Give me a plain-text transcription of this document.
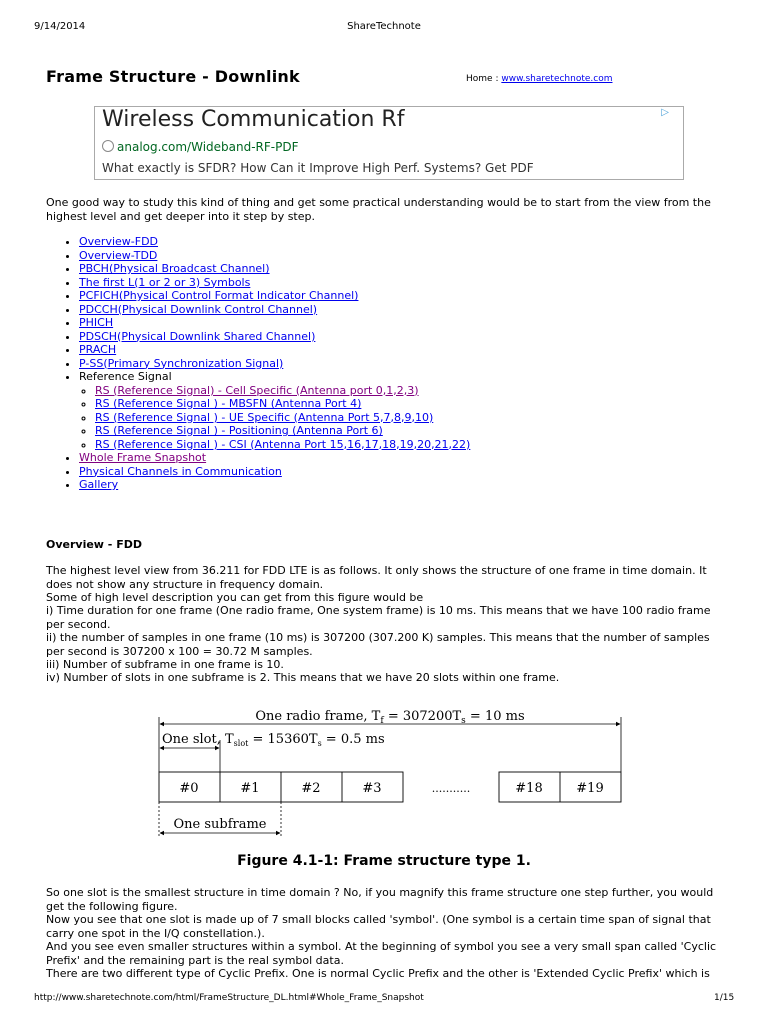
9/14/2014	ShareTechnote
Frame Structure - Downlink	Home : www.sharetechnote.com
Wireless Communication Rf
analog.com/Wideband-RF-PDF
What exactly is SFDR? How Can it Improve High Perf. Systems? Get PDF
▷

One good way to study this kind of thing and get some practical understanding would be to start from the view from the highest level and get deeper into it step by step.

• Overview-FDD
• Overview-TDD
• PBCH(Physical Broadcast Channel)
• The first L(1 or 2 or 3) Symbols
• PCFICH(Physical Control Format Indicator Channel)
• PDCCH(Physical Downlink Control Channel)
• PHICH
• PDSCH(Physical Downlink Shared Channel)
• PRACH
• P-SS(Primary Synchronization Signal)
• Reference Signal
◦ RS (Reference Signal) - Cell Specific (Antenna port 0,1,2,3)
◦ RS (Reference Signal ) - MBSFN (Antenna Port 4)
◦ RS (Reference Signal ) - UE Specific (Antenna Port 5,7,8,9,10)
◦ RS (Reference Signal ) - Positioning (Antenna Port 6)
◦ RS (Reference Signal ) - CSI (Antenna Port 15,16,17,18,19,20,21,22)
• Whole Frame Snapshot
• Physical Channels in Communication
• Gallery
Overview - FDD

The highest level view from 36.211 for FDD LTE is as follows. It only shows the structure of one frame in time domain. It does not show any structure in frequency domain.

Some of high level description you can get from this figure would be

i) Time duration for one frame (One radio frame, One system frame) is 10 ms. This means that we have 100 radio frame per second.

ii) the number of samples in one frame (10 ms) is 307200 (307.200 K) samples. This means that the number of samples per second is 307200 x 100 = 30.72 M samples.

iii) Number of subframe in one frame is 10.

iv) Number of slots in one subframe is 2. This means that we have 20 slots within one frame.

One radio frame, $T_f = 307200T_s = 10$ ms
One slot, $T_{slot} = 15360T_s = 0.5$ ms
#0	#1	#2	#3	...........	#18	#19
One subframe
Figure 4.1-1: Frame structure type 1.

So one slot is the smallest structure in time domain ? No, if you magnify this frame structure one step further, you would get the following figure.

Now you see that one slot is made up of 7 small blocks called 'symbol'. (One symbol is a certain time span of signal that carry one spot in the I/Q constellation.).

And you see even smaller structures within a symbol. At the beginning of symbol you see a very small span called 'Cyclic Prefix' and the remaining part is the real symbol data.

There are two different type of Cyclic Prefix. One is normal Cyclic Prefix and the other is 'Extended Cyclic Prefix' which is

http://www.sharetechnote.com/html/FrameStructure_DL.html#Whole_Frame_Snapshot	1/15
